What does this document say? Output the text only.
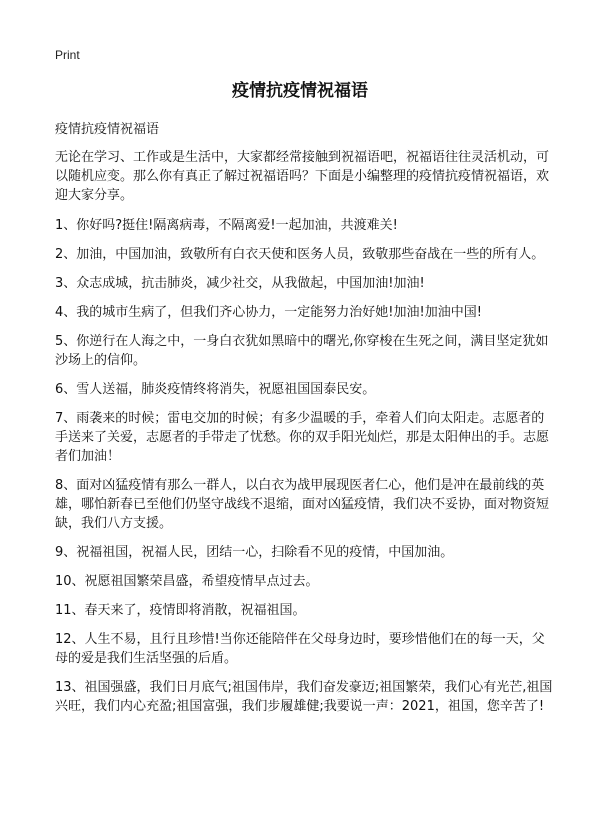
Print
疫情抗疫情祝福语

疫情抗疫情祝福语

无论在学习、工作或是生活中，大家都经常接触到祝福语吧，祝福语往往灵活机动，可以随机应变。那么你有真正了解过祝福语吗？下面是小编整理的疫情抗疫情祝福语，欢迎大家分享。

1、你好吗?挺住!隔离病毒，不隔离爱!一起加油，共渡难关!

2、加油，中国加油，致敬所有白衣天使和医务人员，致敬那些奋战在一些的所有人。

3、众志成城，抗击肺炎，减少社交，从我做起，中国加油!加油!

4、我的城市生病了，但我们齐心协力，一定能努力治好她!加油!加油中国!

5、你逆行在人海之中，一身白衣犹如黑暗中的曙光,你穿梭在生死之间，满目坚定犹如沙场上的信仰。

6、雪人送福，肺炎疫情终将消失，祝愿祖国国泰民安。

7、雨袭来的时候；雷电交加的时候；有多少温暖的手，牵着人们向太阳走。志愿者的手送来了关爱，志愿者的手带走了忧愁。你的双手阳光灿烂，那是太阳伸出的手。志愿者们加油！

8、面对凶猛疫情有那么一群人，以白衣为战甲展现医者仁心，他们是冲在最前线的英雄，哪怕新春已至他们仍坚守战线不退缩，面对凶猛疫情，我们决不妥协，面对物资短缺，我们八方支援。

9、祝福祖国，祝福人民，团结一心，扫除看不见的疫情，中国加油。

10、祝愿祖国繁荣昌盛，希望疫情早点过去。

11、春天来了，疫情即将消散，祝福祖国。

12、人生不易，且行且珍惜!当你还能陪伴在父母身边时，要珍惜他们在的每一天，父母的爱是我们生活坚强的后盾。

13、祖国强盛，我们日月底气;祖国伟岸，我们奋发豪迈;祖国繁荣，我们心有光芒,祖国兴旺，我们内心充盈;祖国富强，我们步履雄健;我要说一声：2021，祖国，您辛苦了!
